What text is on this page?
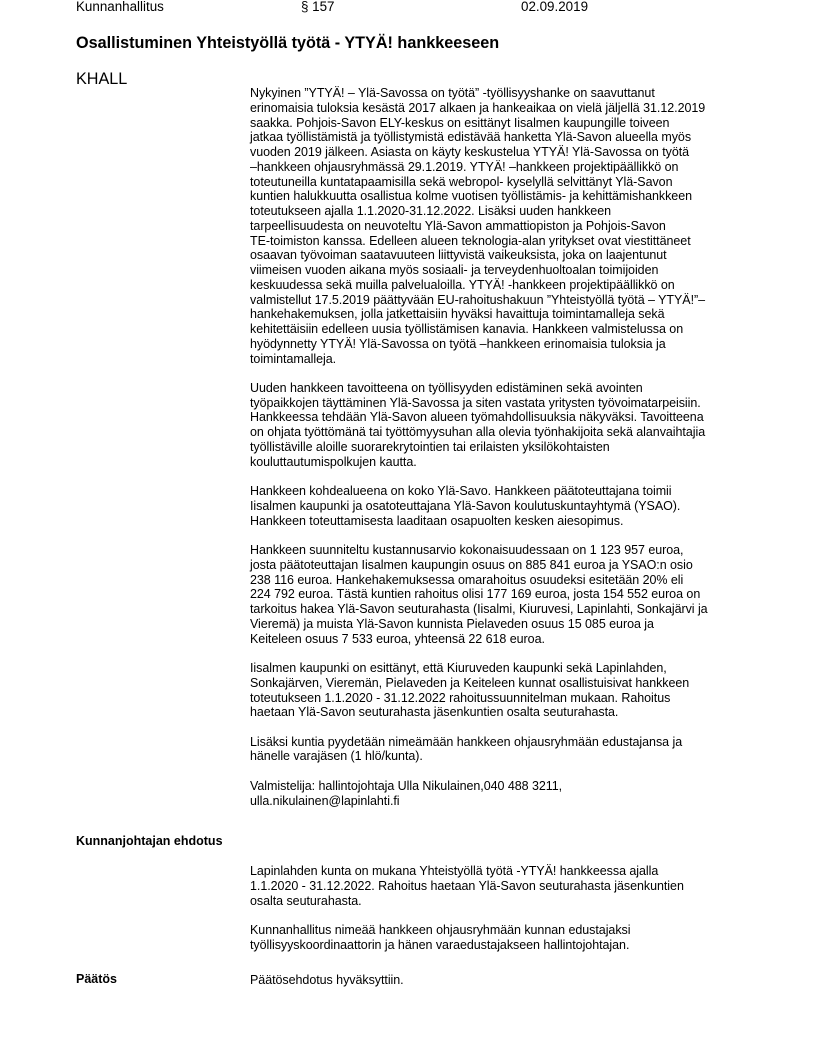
Kunnanhallitus	§ 157	02.09.2019
Osallistuminen Yhteistyöllä työtä - YTYÄ! hankkeeseen
KHALL

Nykyinen ”YTYÄ! – Ylä-Savossa on työtä” -työllisyyshanke on saavuttanut
erinomaisia tuloksia kesästä 2017 alkaen ja hankeaikaa on vielä jäljellä 31.12.2019
saakka. Pohjois-Savon ELY-keskus on esittänyt Iisalmen kaupungille toiveen
jatkaa työllistämistä ja työllistymistä edistävää hanketta Ylä-Savon alueella myös
vuoden 2019 jälkeen. Asiasta on käyty keskustelua YTYÄ! Ylä-Savossa on työtä
–hankkeen ohjausryhmässä 29.1.2019. YTYÄ! –hankkeen projektipäällikkö on
toteutuneilla kuntatapaamisilla sekä webropol- kyselyllä selvittänyt Ylä-Savon
kuntien halukkuutta osallistua kolme vuotisen työllistämis- ja kehittämishankkeen
toteutukseen ajalla 1.1.2020-31.12.2022. Lisäksi uuden hankkeen
tarpeellisuudesta on neuvoteltu Ylä-Savon ammattiopiston ja Pohjois-Savon
TE-toimiston kanssa. Edelleen alueen teknologia-alan yritykset ovat viestittäneet
osaavan työvoiman saatavuuteen liittyvistä vaikeuksista, joka on laajentunut
viimeisen vuoden aikana myös sosiaali- ja terveydenhuoltoalan toimijoiden
keskuudessa sekä muilla palvelualoilla. YTYÄ! -hankkeen projektipäällikkö on
valmistellut 17.5.2019 päättyvään EU-rahoitushakuun ”Yhteistyöllä työtä – YTYÄ!”–
hankehakemuksen, jolla jatkettaisiin hyväksi havaittuja toimintamalleja sekä
kehitettäisiin edelleen uusia työllistämisen kanavia. Hankkeen valmistelussa on
hyödynnetty YTYÄ! Ylä-Savossa on työtä –hankkeen erinomaisia tuloksia ja
toimintamalleja.

Uuden hankkeen tavoitteena on työllisyyden edistäminen sekä avointen
työpaikkojen täyttäminen Ylä-Savossa ja siten vastata yritysten työvoimatarpeisiin.
Hankkeessa tehdään Ylä-Savon alueen työmahdollisuuksia näkyväksi. Tavoitteena
on ohjata työttömänä tai työttömyysuhan alla olevia työnhakijoita sekä alanvaihtajia
työllistäville aloille suorarekrytointien tai erilaisten yksilökohtaisten
kouluttautumispolkujen kautta.

Hankkeen kohdealueena on koko Ylä-Savo. Hankkeen päätoteuttajana toimii
Iisalmen kaupunki ja osatoteuttajana Ylä-Savon koulutuskuntayhtymä (YSAO).
Hankkeen toteuttamisesta laaditaan osapuolten kesken aiesopimus.

Hankkeen suunniteltu kustannusarvio kokonaisuudessaan on 1 123 957 euroa,
josta päätoteuttajan Iisalmen kaupungin osuus on 885 841 euroa ja YSAO:n osio
238 116 euroa. Hankehakemuksessa omarahoitus osuudeksi esitetään 20% eli
224 792 euroa. Tästä kuntien rahoitus olisi 177 169 euroa, josta 154 552 euroa on
tarkoitus hakea Ylä-Savon seuturahasta (Iisalmi, Kiuruvesi, Lapinlahti, Sonkajärvi ja
Vieremä) ja muista Ylä-Savon kunnista Pielaveden osuus 15 085 euroa ja
Keiteleen osuus 7 533 euroa, yhteensä 22 618 euroa.

Iisalmen kaupunki on esittänyt, että Kiuruveden kaupunki sekä Lapinlahden,
Sonkajärven, Vieremän, Pielaveden ja Keiteleen kunnat osallistuisivat hankkeen
toteutukseen 1.1.2020 - 31.12.2022 rahoitussuunnitelman mukaan. Rahoitus
haetaan Ylä-Savon seuturahasta jäsenkuntien osalta seuturahasta.

Lisäksi kuntia pyydetään nimeämään hankkeen ohjausryhmään edustajansa ja
hänelle varajäsen (1 hlö/kunta).

Valmistelija: hallintojohtaja Ulla Nikulainen,040 488 3211,
ulla.nikulainen@lapinlahti.fi

Kunnanjohtajan ehdotus

Lapinlahden kunta on mukana Yhteistyöllä työtä -YTYÄ! hankkeessa ajalla
1.1.2020 - 31.12.2022. Rahoitus haetaan Ylä-Savon seuturahasta jäsenkuntien
osalta seuturahasta.

Kunnanhallitus nimeää hankkeen ohjausryhmään kunnan edustajaksi
työllisyyskoordinaattorin ja hänen varaedustajakseen hallintojohtajan.

Päätös	Päätösehdotus hyväksyttiin.
